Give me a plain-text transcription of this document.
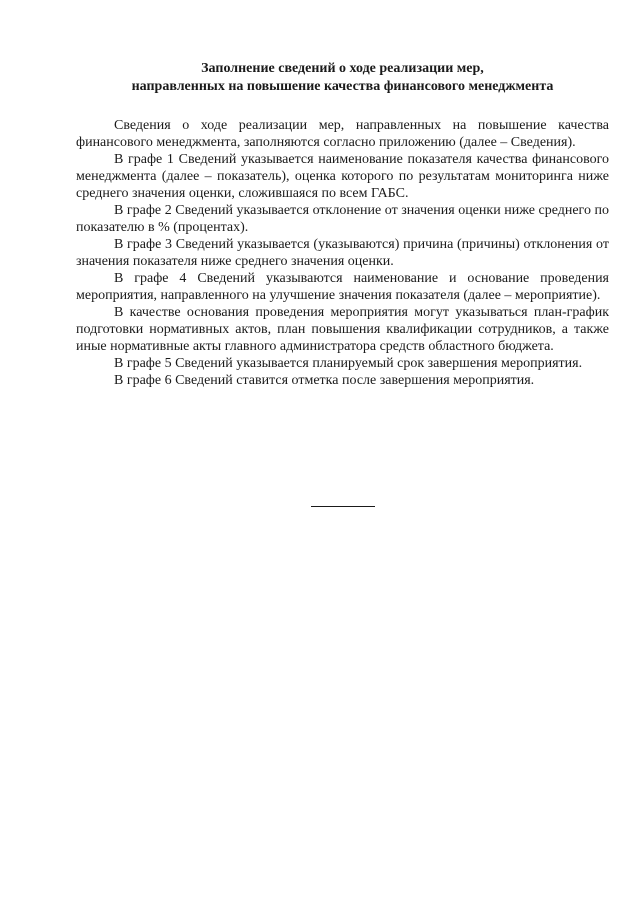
Заполнение сведений о ходе реализации мер,
направленных на повышение качества финансового менеджмента

Сведения о ходе реализации мер, направленных на повышение качества финансового менеджмента, заполняются согласно приложению (далее – Сведения).

В графе 1 Сведений указывается наименование показателя качества финансового менеджмента (далее – показатель), оценка которого по результатам мониторинга ниже среднего значения оценки, сложившаяся по всем ГАБС.

В графе 2 Сведений указывается отклонение от значения оценки ниже среднего по показателю в % (процентах).

В графе 3 Сведений указывается (указываются) причина (причины) отклонения от значения показателя ниже среднего значения оценки.

В графе 4 Сведений указываются наименование и основание проведения мероприятия, направленного на улучшение значения показателя (далее – мероприятие).

В качестве основания проведения мероприятия могут указываться план-график подготовки нормативных актов, план повышения квалификации сотрудников, а также иные нормативные акты главного администратора средств областного бюджета.

В графе 5 Сведений указывается планируемый срок завершения мероприятия.

В графе 6 Сведений ставится отметка после завершения мероприятия.
